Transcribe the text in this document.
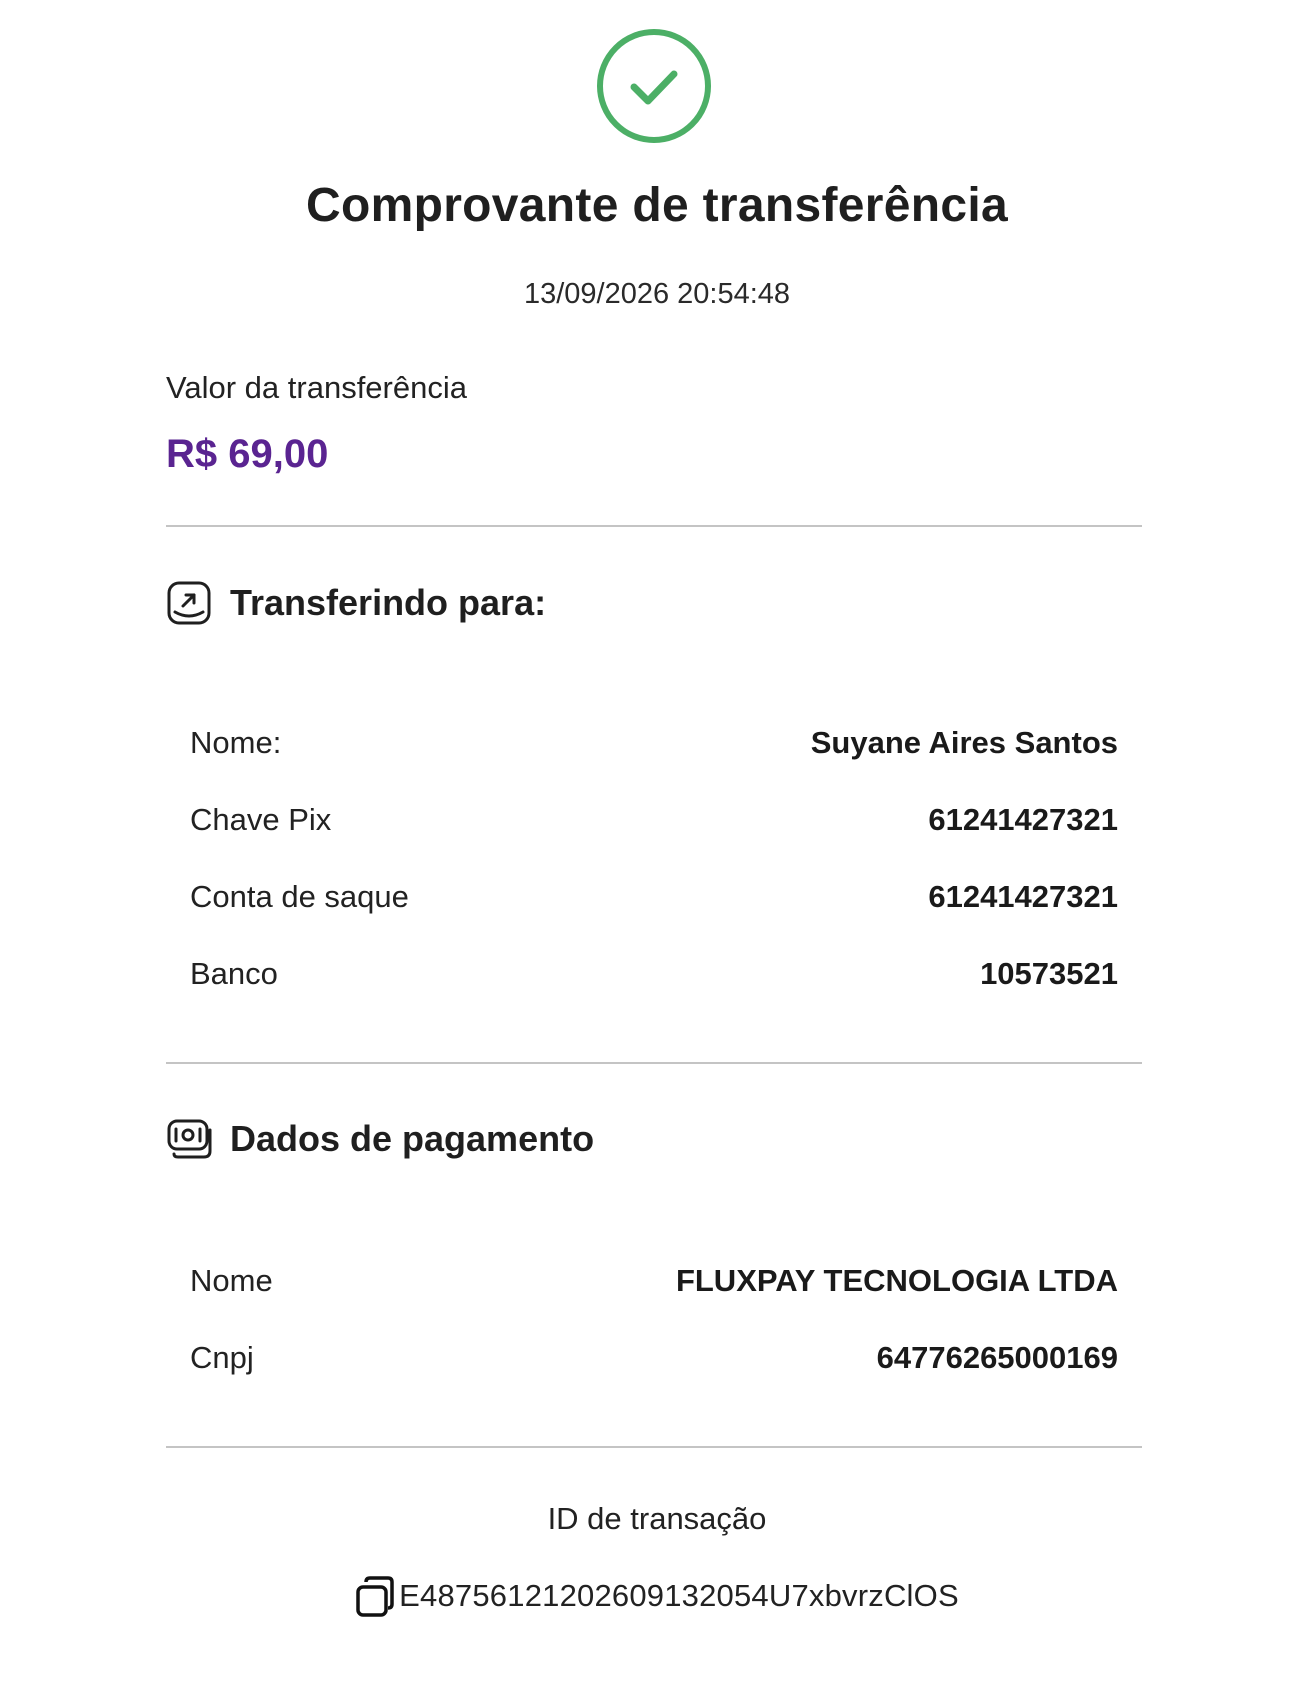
Comprovante de transferência
13/09/2026 20:54:48
Valor da transferência
R$ 69,00
Transferindo para:
Nome:	Suyane Aires Santos
Chave Pix	61241427321
Conta de saque	61241427321
Banco	10573521
Dados de pagamento
Nome	FLUXPAY TECNOLOGIA LTDA
Cnpj	64776265000169
ID de transação
E48756121202609132054U7xbvrzClOS
